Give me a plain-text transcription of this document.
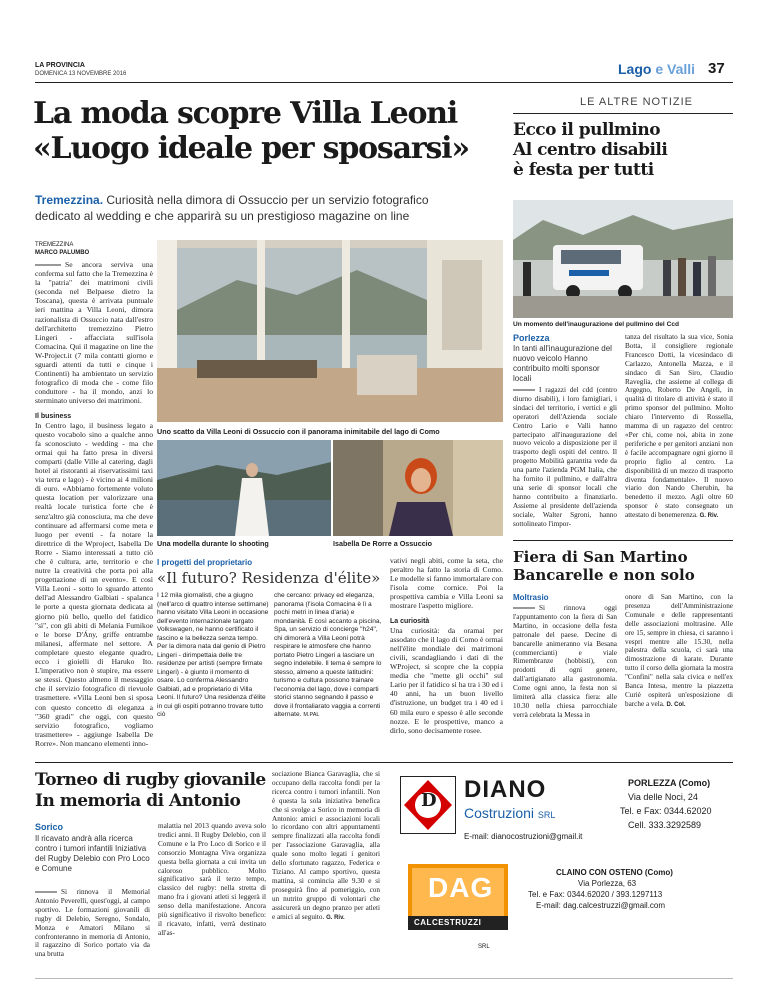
LA PROVINCIA
DOMENICA 13 NOVEMBRE 2016	Lago e Valli 37
La moda scopre Villa Leoni
«Luogo ideale per sposarsi»
Tremezzina. Curiosità nella dimora di Ossuccio per un servizio fotografico
dedicato al wedding e che apparirà su un prestigioso magazine on line
TREMEZZINA
MARCO PALUMBO

Se ancora serviva una conferma sul fatto che la Tremezzina è la "patria" dei matrimoni civili (seconda nel Belpaese dietro la Toscana), questa è arrivata puntuale ieri mattina a Villa Leoni, dimora razionalista di Ossuccio nata dall'estro dell'architetto tremezzino Pietro Lingeri - affacciata sull'isola Comacina. Qui il magazine on line the W-Project.it (7 mila contatti giorno e sguardi attenti da tutti e cinque i Continenti) ha ambientato un servizio fotografico di moda che - come filo conduttore - ha il mondo, anzi lo sterminato universo dei matrimoni.

Il business

In Centro lago, il business legato a questo vocabolo sino a qualche anno fa sconosciuto - wedding - ma che ormai qui ha fatto presa in diversi comparti (dalle Ville al catering, dagli hotel ai ristoranti ai riservatissimi taxi via terra e lago) - è vicino ai 4 milioni di euro. «Abbiamo fortemente voluto questa location per valorizzare una realtà locale turistica forte che è senz'altro già conosciuta, ma che deve continuare ad affermarsi come meta e luogo per eventi - fa notare la direttrice di the Wproject, Isabella De Rorre - Siamo interessati a tutto ciò che è cultura, arte, territorio e che nutre la creatività che porta poi alla progettazione di un evento». E così Villa Leoni - sotto lo sguardo attento dell'ad Alessandro Galbiati - spalanca le porte a questa giornata dedicata al giorno più bello, quello del fatidico "sì", con gli abiti di Melania Fumikoe e le borse D'Ány, griffe entrambe milanesi, affermate nel settore. A completare questo elegante quadro, ecco i gioielli di Haruko Ito. L'imperativo non è stupire, ma essere se stessi. Questo almeno il messaggio che il servizio fotografico di rievuole trasmettere. «Villa Leoni ben si sposa con questo concetto di eleganza a "360 gradi" che oggi, con questo servizio fotografico, vogliamo trasmettere» - aggiunge Isabella De Rorre». Non mancano elementi inno-

Uno scatto da Villa Leoni di Ossuccio con il panorama inimitabile del lago di Como
Una modella durante lo shooting	Isabella De Rorre a Ossuccio
I progetti del proprietario
«Il futuro? Residenza d'élite»
I 12 mila giornalisti, che a giugno (nell'arco di quattro intense settimane) hanno visitato Villa Leoni in occasione dell'evento internazionale targato Volkswagen, ne hanno certificato il fascino e la bellezza senza tempo. Per la dimora nata dal genio di Pietro Lingeri - dirimpettaia delle tre residenze per artisti (sempre firmate Lingeri) - è giunto il momento di osare. Lo conferma Alessandro Galbiati, ad e proprietario di Villa Leoni. Il futuro? Una residenza d'élite in cui gli ospiti potranno trovare tutto ciò
che cercano: privacy ed eleganza, panorama (l'isola Comacina è lì a pochi metri in linea d'aria) e mondanità. E così accanto a piscina, Spa, un servizio di concierge "h24", chi dimorerà a Villa Leoni potrà respirare le atmosfere che hanno portato Pietro Lingeri a lasciare un segno indelebile. Il tema è sempre lo stesso, almeno a queste latitudini: turismo e cultura possono trainare l'economia del lago, dove i comparti storici stanno segnando il passo e dove il frontaliarato vaggia a correnti alternate. M.PAL

vativi negli abiti, come la seta, che peraltro ha fatto la storia di Como. Le modelle si fanno immortalare con l'isola come cornice. Poi la prospettiva cambia e Villa Leoni sa mostrare l'aspetto migliore.

La curiosità

Una curiosità: da oramai per assodato che il lago di Como è ormai nell'élite mondiale dei matrimoni civili, scandagliando i dati di the WProject, si scopre che la coppia media che "mette gli occhi" sul Lario per il fatidico sì ha tra i 30 ed i 40 anni, ha un buon livello d'istruzione, un budget tra i 40 ed i 60 mila euro e spesso è alle seconde nozze. E le prospettive, manco a dirlo, sono decisamente rosee.

LE ALTRE NOTIZIE
Ecco il pullmino
Al centro disabili
è festa per tutti
Un momento dell'inaugurazione del pullmino del Ccd
Porlezza
In tanti all'inaugurazione del nuovo veicolo Hanno contribuito molti sponsor locali

I ragazzi del cdd (centro diurno disabili), i loro famigliari, i sindaci del territorio, i vertici e gli operatori dell'Azienda sociale Centro Lario e Valli hanno partecipato all'inaugurazione del nuovo veicolo a disposizione per il trasporto degli ospiti del centro. Il progetto Mobilità garantita vede da una parte l'azienda PGM Italia, che ha fornito il pullmino, e dall'altra una serie di sponsor locali che hanno contribuito a finanziarlo. Assieme al presidente dell'azienda sociale, Walter Sgroni, hanno sottolineato l'impor-

tanza del risultato la sua vice, Sonia Botta, il consigliere regionale Francesco Dotti, la vicesindaco di Carlazzo, Antonella Mazza, e il sindaco di San Siro, Claudio Raveglia, che assieme al collega di Argegno, Roberto De Angeli, in qualità di titolare di attività è stato il primo sponsor del pullmino. Molto chiaro l'intervento di Rossella, mamma di un ragazzo del centro: «Per chi, come noi, abita in zone periferiche e per genitori anziani non è facile accompagnare ogni giorno il proprio figlio al centro. La disponibilità di un mezzo di trasporto diventa fondamentale». Il nuovo viario don Nando Cherubin, ha benedetto il mezzo. Agli oltre 60 sponsor è stato consegnato un attestato di benemerenza. G. Riv.

Fiera di San Martino
Bancarelle e non solo
Moltrasio

Si rinnova oggi l'appuntamento con la fiera di San Martino, in occasione della festa patronale del paese. Decine di bancarelle animeranno via Besana (commercianti) e viale Rimembranze (hobbisti), con prodotti di ogni genere, dall'artigianato alla gastronomia. Come ogni anno, la festa non si limiterà alla classica fiera: alle 10.30 nella chiesa parrocchiale verrà celebrata la Messa in

onore di San Martino, con la presenza dell'Amministrazione Comunale e delle rappresentanti delle associazioni moltrasine. Alle ore 15, sempre in chiesa, ci saranno i vespri mentre alle 15.30, nella palestra della scuola, ci sarà una dimostrazione di karate. Durante tutto il corso della giornata la mostra "Confini" nella sala civica e nell'ex Banca Intesa, mentre la piazzetta Curiè ospiterà un'esposizione di barche a vela. D. Col.

Torneo di rugby giovanile
In memoria di Antonio
Sorico
Il ricavato andrà alla ricerca contro i tumori infantili Iniziativa del Rugby Delebio con Pro Loco e Comune

Si rinnova il Memorial Antonio Peverelli, quest'oggi, al campo sportivo. Le formazioni giovanili di rugby di Delebio, Seregno, Sondalo, Monza e Amatori Milano si confronteranno in memoria di Antonio, il ragazzino di Sorico portato via da una brutta

malattia nel 2013 quando aveva solo tredici anni. Il Rugby Delebio, con il Comune e la Pro Loco di Sorico e il consorzio Montagna Viva organizza questa bella giornata a cui invita un caloroso pubblico. Molto significativo sarà il terzo tempo, classico del rugby: nella stretta di mano fra i giovani atleti si leggerà il senso della manifestazione. Ancora più significativo il risvolto benefico: il ricavato, infatti, verrà destinato all'as-

sociazione Bianca Garavaglia, che si occupano della raccolta fondi per la ricerca contro i tumori infantili. Non è questa la sola iniziativa benefica che si svolge a Sorico in memoria di Antonio: amici e associazioni locali lo ricordano con altri appuntamenti sempre finalizzati alla raccolta fondi per l'associazione Garavaglia, alla quale sono molto legati i genitori dello sfortunato ragazzo, Federica e Tiziano. Al campo sportivo, questa mattina, si comincia alle 9.30 e si proseguirà fino al pomeriggio, con un nutrito gruppo di volontari che assicurerà un degno pranzo per atleti e amici al seguito. G. Riv.

D DIANO
Costruzioni SRL
E-mail: dianocostruzioni@gmail.it
PORLEZZA (Como)
Via delle Noci, 24
Tel. e Fax: 0344.62020
Cell. 333.3292589
DAG
CALCESTRUZZI
SRL
CLAINO CON OSTENO (Como)
Via Porlezza, 63
Tel. e Fax: 0344.62020 / 393.1297113
E-mail: dag.calcestruzzi@gmail.com
